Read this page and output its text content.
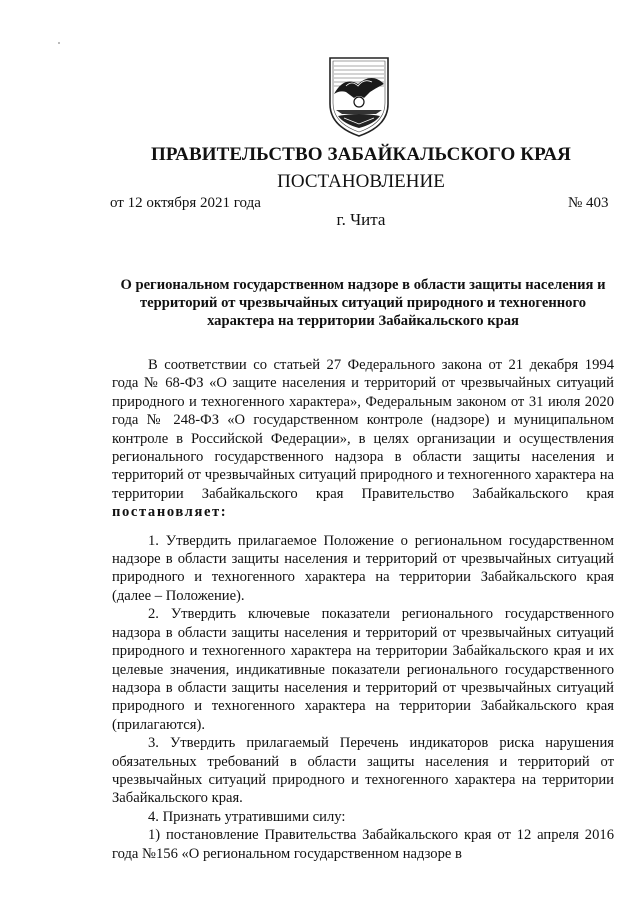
ПРАВИТЕЛЬСТВО ЗАБАЙКАЛЬСКОГО КРАЯ
ПОСТАНОВЛЕНИЕ
от 12 октября 2021 года	№ 403
г. Чита
О региональном государственном надзоре в области защиты населения и территорий от чрезвычайных ситуаций природного и техногенного характера на территории Забайкальского края

В соответствии со статьей 27 Федерального закона от 21 декабря 1994 года № 68-ФЗ «О защите населения и территорий от чрезвычайных ситуаций природного и техногенного характера», Федеральным законом от 31 июля 2020 года № 248-ФЗ «О государственном контроле (надзоре) и муниципальном контроле в Российской Федерации», в целях организации и осуществления регионального государственного надзора в области защиты населения и территорий от чрезвычайных ситуаций природного и техногенного характера на территории Забайкальского края Правительство Забайкальского края постановляет:

1. Утвердить прилагаемое Положение о региональном государственном надзоре в области защиты населения и территорий от чрезвычайных ситуаций природного и техногенного характера на территории Забайкальского края (далее – Положение).

2. Утвердить ключевые показатели регионального государственного надзора в области защиты населения и территорий от чрезвычайных ситуаций природного и техногенного характера на территории Забайкальского края и их целевые значения, индикативные показатели регионального государственного надзора в области защиты населения и территорий от чрезвычайных ситуаций природного и техногенного характера на территории Забайкальского края (прилагаются).

3. Утвердить прилагаемый Перечень индикаторов риска нарушения обязательных требований в области защиты населения и территорий от чрезвычайных ситуаций природного и техногенного характера на территории Забайкальского края.

4. Признать утратившими силу:

1) постановление Правительства Забайкальского края от 12 апреля 2016 года №156 «О региональном государственном надзоре в
